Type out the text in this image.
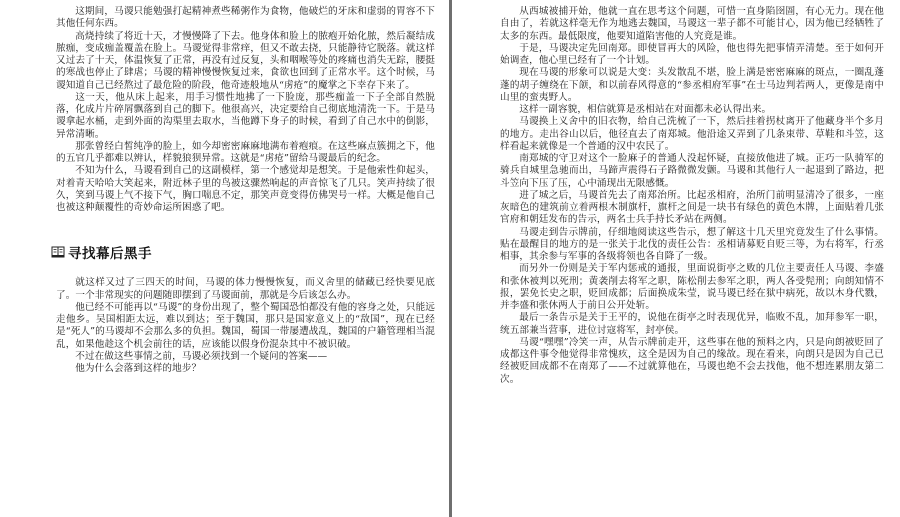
这期间，马谡只能勉强打起精神煮些稀粥作为食物，他破烂的牙床和虚弱的胃容不下其他任何东西。

高烧持续了将近十天，才慢慢降了下去。他身体和脸上的脓疱开始化脓，然后凝结成脓痂，变成痂盖覆盖在脸上。马谡觉得非常痒，但又不敢去挠，只能静待它脱落。就这样又过去了十天，体温恢复了正常，再没有过反复，头和咽喉等处的疼痛也消失无踪，腰挺的寒战也停止了肆虐；马谡的精神慢慢恢复过来，食欲也回到了正常水平。这个时候，马谡知道自己已经熬过了最危险的阶段，他奇迹般地从“虏疮”的魔掌之下幸存下来了。

这一天，他从床上起来，用手习惯性地拂了一下脸庞，那些痂盖一下子全部自然脱落，化成片片碎屑飘落到自己的脚下。他很高兴，决定要给自己彻底地清洗一下。于是马谡拿起水桶，走到外面的沟渠里去取水，当他蹲下身子的时候，看到了自己水中的倒影，异常清晰。

那张曾经白皙纯净的脸上，如今却密密麻麻地满布着疱痕。在这些麻点簇拥之下，他的五官几乎都难以辨认，样貌狼狈异常。这就是“虏疮”留给马谡最后的纪念。

不知为什么，马谡看到自己的这副模样，第一个感觉却是想笑。于是他索性仰起头，对着青天哈哈大笑起来，附近林子里的鸟被这骤然响起的声音惊飞了几只。笑声持续了很久，笑到马谡上气不接下气，胸口喘息不定，那笑声竟变得仿佛哭号一样。大概是他自己也被这种颠覆性的奇妙命运所困惑了吧。

寻找幕后黑手

就这样又过了三四天的时间，马谡的体力慢慢恢复，而义舍里的储藏已经快要见底了。一个非常现实的问题随即摆到了马谡面前，那就是今后该怎么办。

他已经不可能再以“马谡”的身份出现了，整个蜀国恐怕都没有他的容身之处，只能远走他乡。吴国相距太远，难以到达；至于魏国，那只是国家意义上的“敌国”，现在已经是“死人”的马谡却不会那么多的负担。魏国，蜀国一带屡遭战乱，魏国的户籍管理相当混乱，如果他趁这个机会前往的话，应该能以假身份混杂其中不被识破。

不过在做这些事情之前，马谡必须找到一个疑问的答案——

他为什么会落到这样的地步？

从西城被捕开始，他就一直在思考这个问题，可惜一直身陷囹圄，有心无力。现在他自由了，若就这样毫无作为地逃去魏国，马谡这一辈子都不可能甘心，因为他已经牺牲了太多的东西。最低限度，他要知道陷害他的人究竟是谁。

于是，马谡决定先回南郑。即使冒再大的风险，他也得先把事情弄清楚。至于如何开始调查，他心里已经有了一个计划。

现在马谡的形象可以说是大变：头发散乱不堪，脸上满是密密麻麻的斑点，一圈乱蓬蓬的胡子缠绕在下颌，和以前春风得意的“参丞相府军事”在士马边判若两人，更像是南中山里的蛮夷野人。

这样一副容貌，相信就算是丞相站在对面都未必认得出来。

马谡换上义舍中的旧衣物，给自己洗梳了一下，然后挂着拐杖离开了他藏身半个多月的地方。走出谷山以后，他径直去了南郑城。他沿途又弄到了几条束带、草鞋和斗笠，这样看起来就像是一个普通的汉中农民了。

南郑城的守卫对这个一脸麻子的普通人没起怀疑，直接放他进了城。正巧一队骑军的骑兵自城里急驰而出，马蹄声震得石子路微微发颤。马谡和其他行人一起退到了路边，把斗笠向下压了压，心中涌现出无限感慨。

进了城之后，马谡首先去了南郑治所。比起丞相府，治所门前明显清冷了很多，一座灰暗色的建筑前立着两根木制旗杆，旗杆之间是一块书有绿色的黄色木牌，上面贴着几张官府和朝廷发布的告示，两名士兵手持长矛站在两侧。

马谡走到告示牌前，仔细地阅读这些告示，想了解这十几天里究竟发生了什么事情。贴在最醒目的地方的是一张关于北伐的责任公告：丞相请募贬自贬三等，为右将军，行丞相事，其余参与军事的各级将领也各自降了一级。

而另外一份则是关于军内惩戒的通报，里面说街亭之败的几位主要责任人马谡、李盛和张休被判以死刑；黄袭削去将军之职，陈松削去参军之职，两人各受髡刑；向朗知情不报，罢免长史之职，贬回成都；后面换成朱莹，说马谡已经在狱中病死，故以木身代戮，并李盛和张休两人于前日公开处斩。

最后一条告示是关于王平的，说他在街亭之时表现优异，临败不乱，加拜参军一职，统五部兼当营事，进位讨寇将军，封亭侯。

马谡“嘿嘿”冷笑一声，从告示牌前走开，这些事在他的预料之内，只是向朗被贬回了成都这件事令他觉得非常愧疚，这全是因为自己的缘故。现在看来，向朗只是因为自己已经被贬回成都不在南郑了——不过就算他在，马谡也绝不会去找他，他不想连累朋友第二次。
